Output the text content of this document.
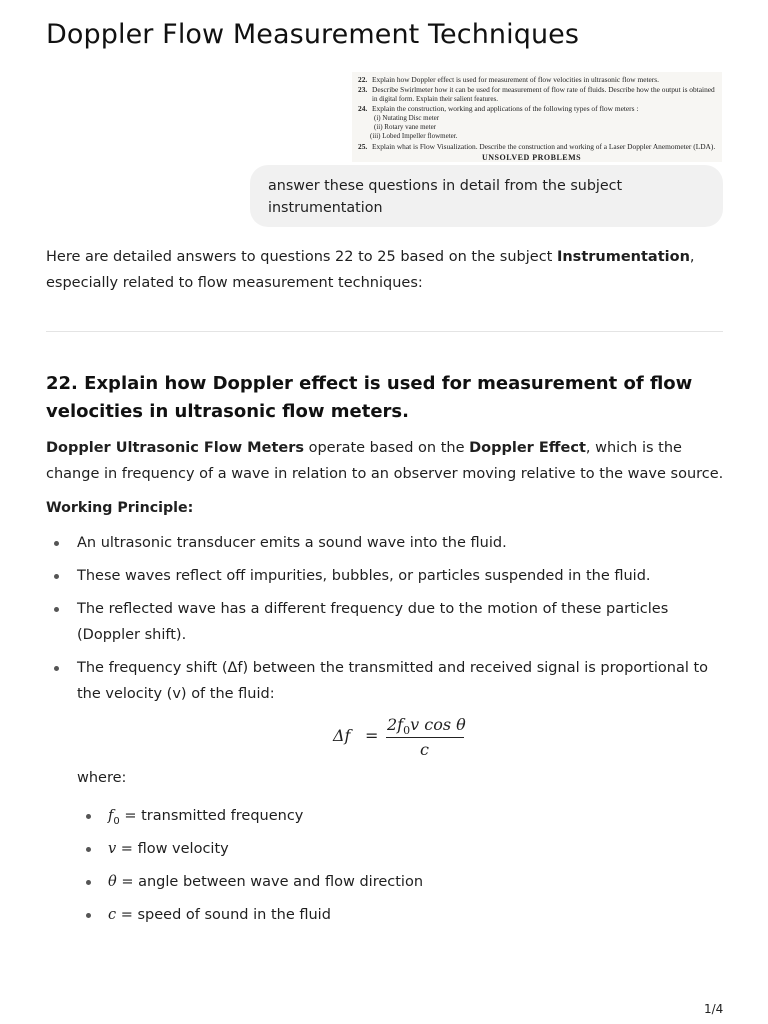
Doppler Flow Measurement Techniques
22. Explain how Doppler effect is used for measurement of flow velocities in ultrasonic flow meters.
23. Describe Swirlmeter how it can be used for measurement of flow rate of fluids. Describe how the output is obtained
in digital form. Explain their salient features.
24. Explain the construction, working and applications of the following types of flow meters :
(i) Nutating Disc meter
(ii) Rotary vane meter
(iii) Lobed Impeller flowmeter.
25. Explain what is Flow Visualization. Describe the construction and working of a Laser Doppler Anemometer (LDA).
UNSOLVED PROBLEMS
answer these questions in detail from the subject instrumentation
Here are detailed answers to questions 22 to 25 based on the subject Instrumentation, especially related to flow measurement techniques:
22. Explain how Doppler effect is used for measurement of flow velocities in ultrasonic flow meters.
Doppler Ultrasonic Flow Meters operate based on the Doppler Effect, which is the change in frequency of a wave in relation to an observer moving relative to the wave source.
Working Principle:
An ultrasonic transducer emits a sound wave into the fluid.
These waves reflect off impurities, bubbles, or particles suspended in the fluid.
The reflected wave has a different frequency due to the motion of these particles (Doppler shift).
The frequency shift (Δf) between the transmitted and received signal is proportional to the velocity (v) of the fluid:
Δf =
$2f_0v$ cos θ
c
where:
$f_0$ = transmitted frequency
v = flow velocity
θ = angle between wave and flow direction
c = speed of sound in the fluid
1/4
